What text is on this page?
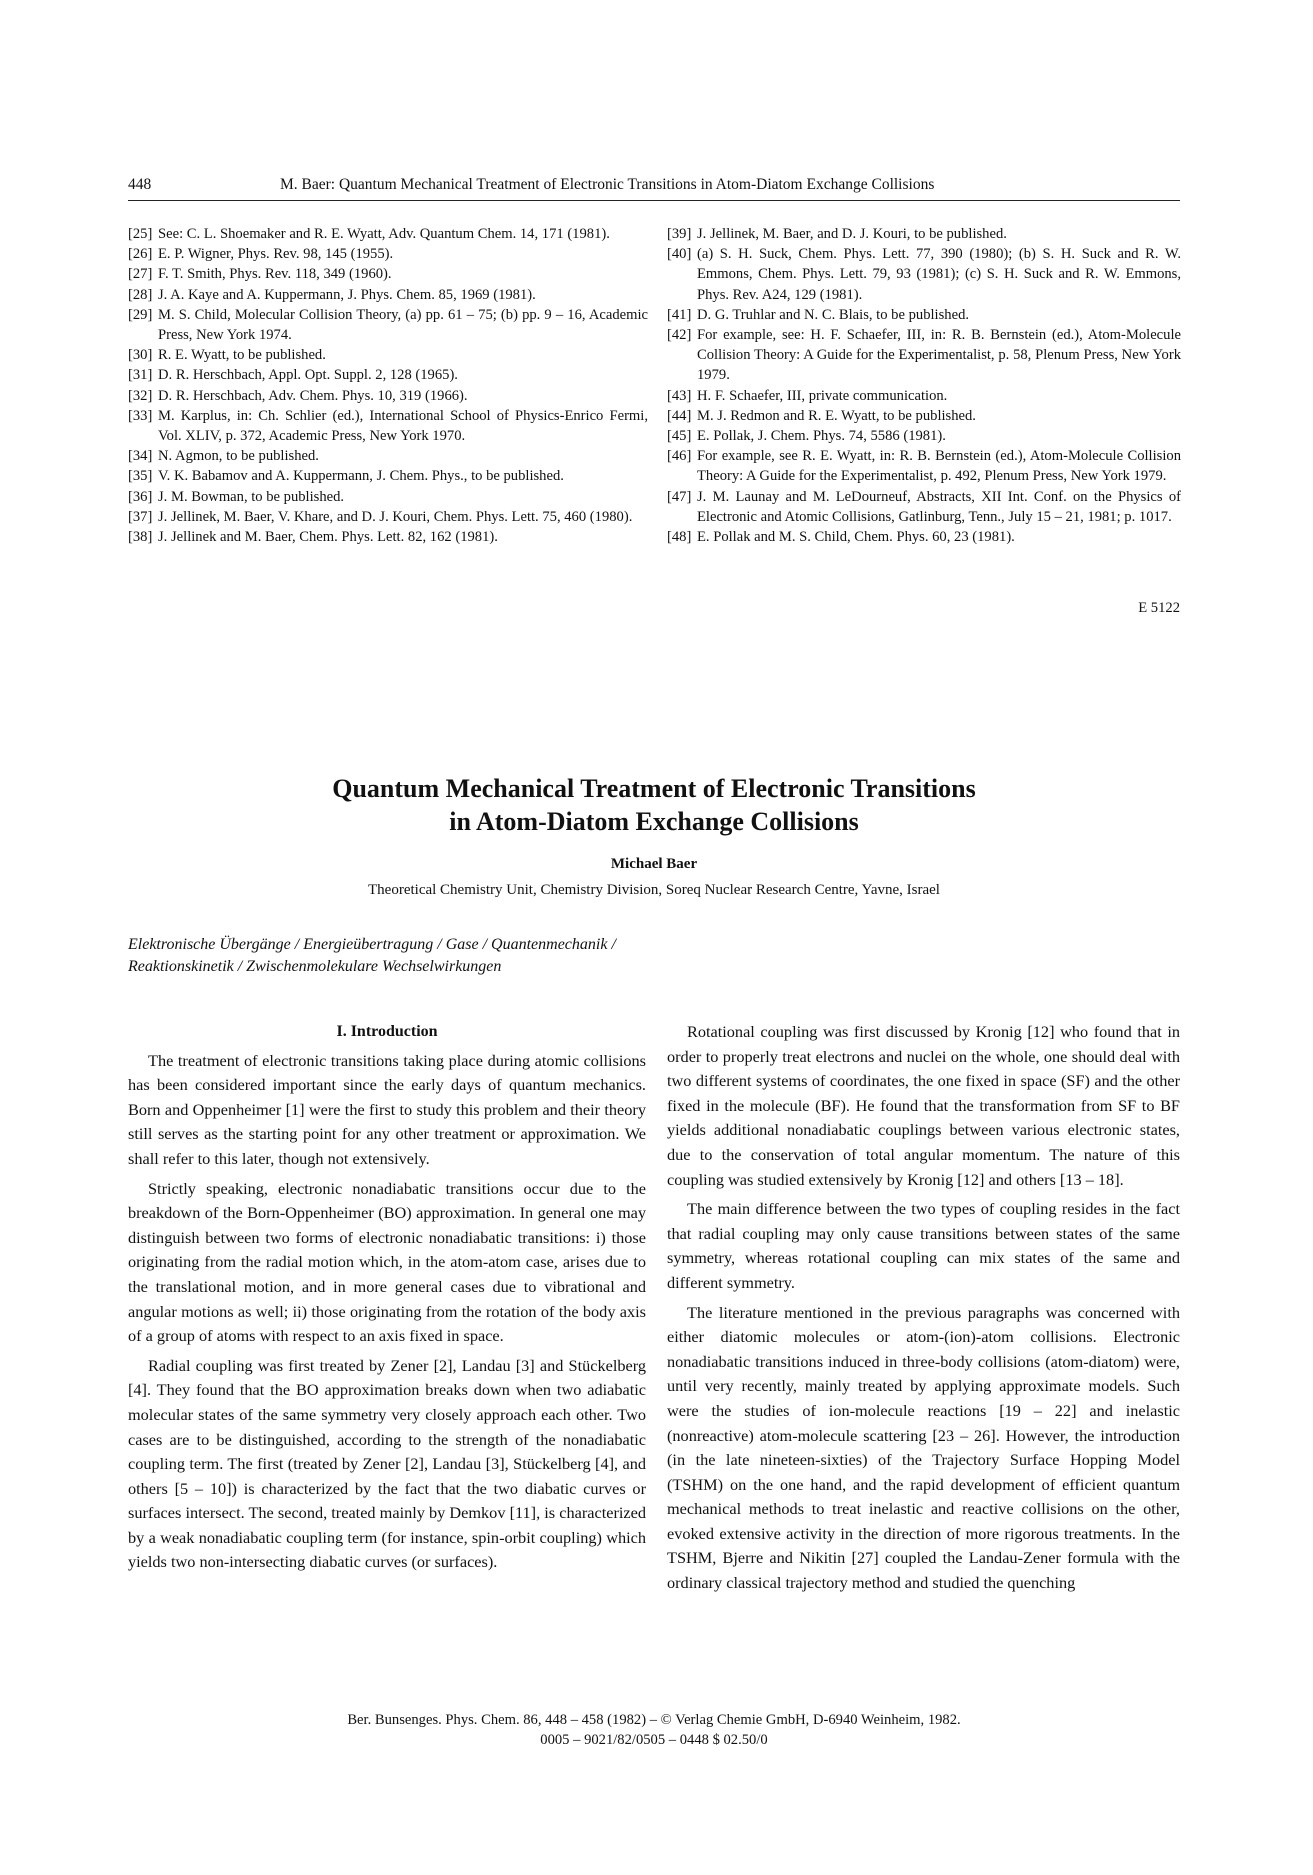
448	M. Baer: Quantum Mechanical Treatment of Electronic Transitions in Atom-Diatom Exchange Collisions
[25] See: C. L. Shoemaker and R. E. Wyatt, Adv. Quantum Chem. 14, 171 (1981).
[26] E. P. Wigner, Phys. Rev. 98, 145 (1955).
[27] F. T. Smith, Phys. Rev. 118, 349 (1960).
[28] J. A. Kaye and A. Kuppermann, J. Phys. Chem. 85, 1969 (1981).
[29] M. S. Child, Molecular Collision Theory, (a) pp. 61 – 75; (b) pp. 9 – 16, Academic Press, New York 1974.
[30] R. E. Wyatt, to be published.
[31] D. R. Herschbach, Appl. Opt. Suppl. 2, 128 (1965).
[32] D. R. Herschbach, Adv. Chem. Phys. 10, 319 (1966).
[33] M. Karplus, in: Ch. Schlier (ed.), International School of Physics-Enrico Fermi, Vol. XLIV, p. 372, Academic Press, New York 1970.
[34] N. Agmon, to be published.
[35] V. K. Babamov and A. Kuppermann, J. Chem. Phys., to be published.
[36] J. M. Bowman, to be published.
[37] J. Jellinek, M. Baer, V. Khare, and D. J. Kouri, Chem. Phys. Lett. 75, 460 (1980).
[38] J. Jellinek and M. Baer, Chem. Phys. Lett. 82, 162 (1981).
[39] J. Jellinek, M. Baer, and D. J. Kouri, to be published.
[40] (a) S. H. Suck, Chem. Phys. Lett. 77, 390 (1980); (b) S. H. Suck and R. W. Emmons, Chem. Phys. Lett. 79, 93 (1981); (c) S. H. Suck and R. W. Emmons, Phys. Rev. A24, 129 (1981).
[41] D. G. Truhlar and N. C. Blais, to be published.
[42] For example, see: H. F. Schaefer, III, in: R. B. Bernstein (ed.), Atom-Molecule Collision Theory: A Guide for the Experimentalist, p. 58, Plenum Press, New York 1979.
[43] H. F. Schaefer, III, private communication.
[44] M. J. Redmon and R. E. Wyatt, to be published.
[45] E. Pollak, J. Chem. Phys. 74, 5586 (1981).
[46] For example, see R. E. Wyatt, in: R. B. Bernstein (ed.), Atom-Molecule Collision Theory: A Guide for the Experimentalist, p. 492, Plenum Press, New York 1979.
[47] J. M. Launay and M. LeDourneuf, Abstracts, XII Int. Conf. on the Physics of Electronic and Atomic Collisions, Gatlinburg, Tenn., July 15 – 21, 1981; p. 1017.
[48] E. Pollak and M. S. Child, Chem. Phys. 60, 23 (1981).
E 5122
Quantum Mechanical Treatment of Electronic Transitions
in Atom-Diatom Exchange Collisions
Michael Baer
Theoretical Chemistry Unit, Chemistry Division, Soreq Nuclear Research Centre, Yavne, Israel
Elektronische Übergänge / Energieübertragung / Gase / Quantenmechanik /
Reaktionskinetik / Zwischenmolekulare Wechselwirkungen
I. Introduction

The treatment of electronic transitions taking place during atomic collisions has been considered important since the early days of quantum mechanics. Born and Oppenheimer [1] were the first to study this problem and their theory still serves as the starting point for any other treatment or approximation. We shall refer to this later, though not extensively.

Strictly speaking, electronic nonadiabatic transitions occur due to the breakdown of the Born-Oppenheimer (BO) approximation. In general one may distinguish between two forms of electronic nonadiabatic transitions: i) those originating from the radial motion which, in the atom-atom case, arises due to the translational motion, and in more general cases due to vibrational and angular motions as well; ii) those originating from the rotation of the body axis of a group of atoms with respect to an axis fixed in space.

Radial coupling was first treated by Zener [2], Landau [3] and Stückelberg [4]. They found that the BO approximation breaks down when two adiabatic molecular states of the same symmetry very closely approach each other. Two cases are to be distinguished, according to the strength of the nonadiabatic coupling term. The first (treated by Zener [2], Landau [3], Stückelberg [4], and others [5 – 10]) is characterized by the fact that the two diabatic curves or surfaces intersect. The second, treated mainly by Demkov [11], is characterized by a weak nonadiabatic coupling term (for instance, spin-orbit coupling) which yields two non-intersecting diabatic curves (or surfaces).

Rotational coupling was first discussed by Kronig [12] who found that in order to properly treat electrons and nuclei on the whole, one should deal with two different systems of coordinates, the one fixed in space (SF) and the other fixed in the molecule (BF). He found that the transformation from SF to BF yields additional nonadiabatic couplings between various electronic states, due to the conservation of total angular momentum. The nature of this coupling was studied extensively by Kronig [12] and others [13 – 18].

The main difference between the two types of coupling resides in the fact that radial coupling may only cause transitions between states of the same symmetry, whereas rotational coupling can mix states of the same and different symmetry.

The literature mentioned in the previous paragraphs was concerned with either diatomic molecules or atom-(ion)-atom collisions. Electronic nonadiabatic transitions induced in three-body collisions (atom-diatom) were, until very recently, mainly treated by applying approximate models. Such were the studies of ion-molecule reactions [19 – 22] and inelastic (nonreactive) atom-molecule scattering [23 – 26]. However, the introduction (in the late nineteen-sixties) of the Trajectory Surface Hopping Model (TSHM) on the one hand, and the rapid development of efficient quantum mechanical methods to treat inelastic and reactive collisions on the other, evoked extensive activity in the direction of more rigorous treatments. In the TSHM, Bjerre and Nikitin [27] coupled the Landau-Zener formula with the ordinary classical trajectory method and studied the quenching

Ber. Bunsenges. Phys. Chem. 86, 448 – 458 (1982) – © Verlag Chemie GmbH, D-6940 Weinheim, 1982.
0005 – 9021/82/0505 – 0448 $ 02.50/0
